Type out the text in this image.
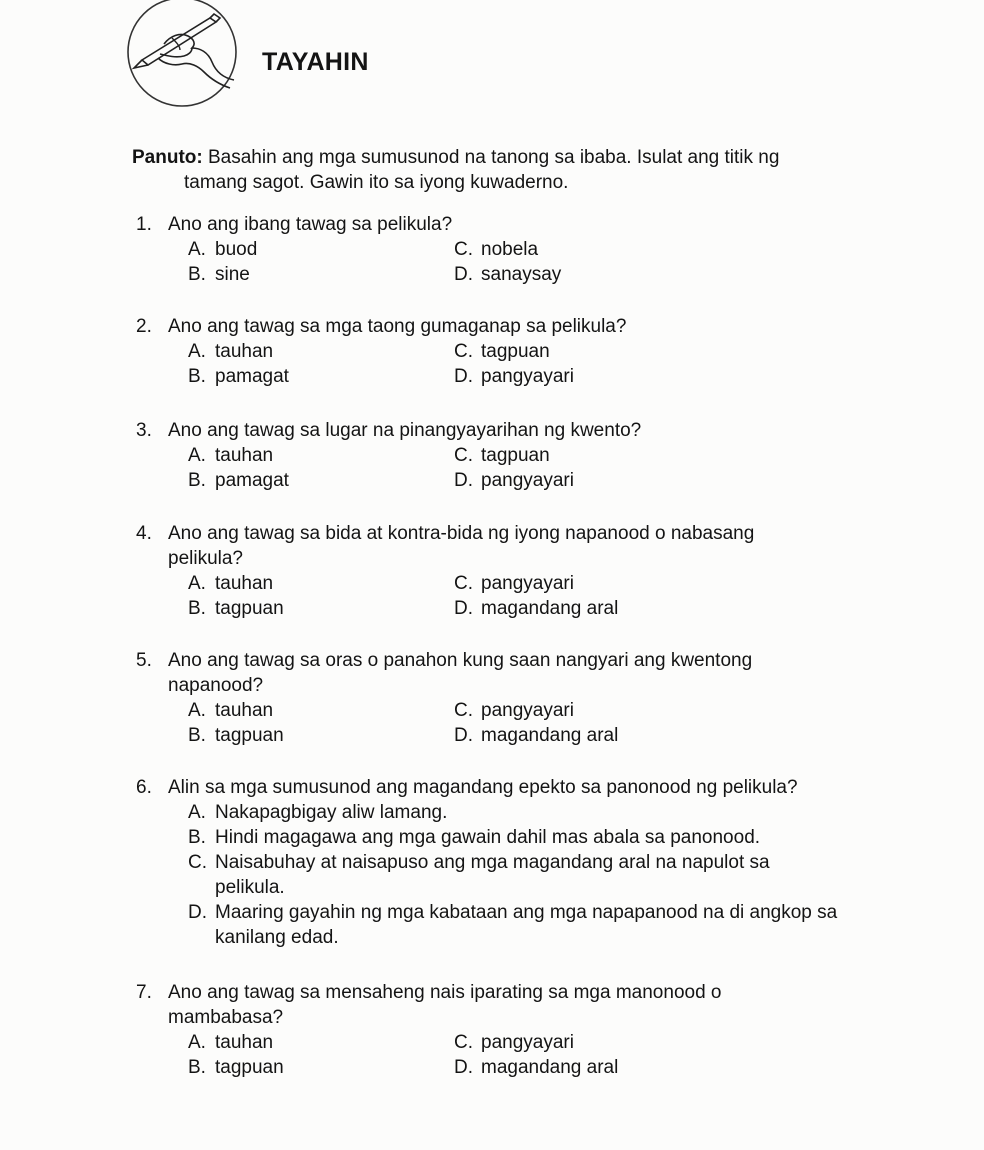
TAYAHIN
Panuto: Basahin ang mga sumusunod na tanong sa ibaba. Isulat ang titik ng
tamang sagot. Gawin ito sa iyong kuwaderno.
1. Ano ang ibang tawag sa pelikula?
A. buod	C. nobela
B. sine	D. sanaysay
2. Ano ang tawag sa mga taong gumaganap sa pelikula?
A. tauhan	C. tagpuan
B. pamagat	D. pangyayari
3. Ano ang tawag sa lugar na pinangyayarihan ng kwento?
A. tauhan	C. tagpuan
B. pamagat	D. pangyayari
4. Ano ang tawag sa bida at kontra-bida ng iyong napanood o nabasang pelikula?
A. tauhan	C. pangyayari
B. tagpuan	D. magandang aral
5. Ano ang tawag sa oras o panahon kung saan nangyari ang kwentong napanood?
A. tauhan	C. pangyayari
B. tagpuan	D. magandang aral
6. Alin sa mga sumusunod ang magandang epekto sa panonood ng pelikula?
A. Nakapagbigay aliw lamang.
B. Hindi magagawa ang mga gawain dahil mas abala sa panonood.
C. Naisabuhay at naisapuso ang mga magandang aral na napulot sa pelikula.
D. Maaring gayahin ng mga kabataan ang mga napapanood na di angkop sa kanilang edad.
7. Ano ang tawag sa mensaheng nais iparating sa mga manonood o mambabasa?
A. tauhan	C. pangyayari
B. tagpuan	D. magandang aral
